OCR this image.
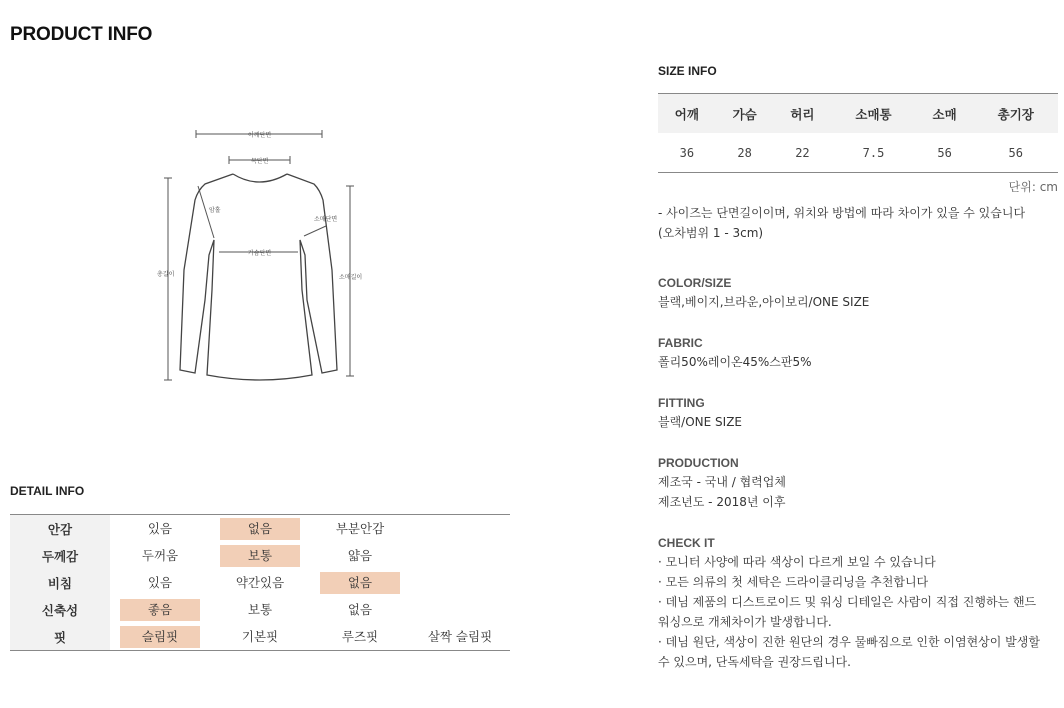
PRODUCT INFO
어깨단면
목단면
암홀
가슴단면
소매단면
총길이	소매길이
DETAIL INFO
안감	있음	없음	부분안감	
두께감	두꺼움	보통	얇음	
비침	있음	약간있음	없음	
신축성	좋음	보통	없음	
핏	슬림핏	기본핏	루즈핏	살짝 슬림핏
SIZE INFO
어깨	가슴	허리	소매통	소매	총기장
36	28	22	7.5	56	56
단위: cm
- 사이즈는 단면길이이며, 위치와 방법에 따라 차이가 있을 수 있습니다
(오차범위 1 - 3cm)
COLOR/SIZE
블랙,베이지,브라운,아이보리/ONE SIZE
FABRIC
폴리50%레이온45%스판5%
FITTING
블랙/ONE SIZE
PRODUCTION
제조국 - 국내 / 협력업체
제조년도 - 2018년 이후
CHECK IT
· 모니터 사양에 따라 색상이 다르게 보일 수 있습니다
· 모든 의류의 첫 세탁은 드라이클리닝을 추천합니다
· 데님 제품의 디스트로이드 및 워싱 디테일은 사람이 직접 진행하는 핸드
워싱으로 개체차이가 발생합니다.
· 데님 원단, 색상이 진한 원단의 경우 물빠짐으로 인한 이염현상이 발생할
수 있으며, 단독세탁을 권장드립니다.
